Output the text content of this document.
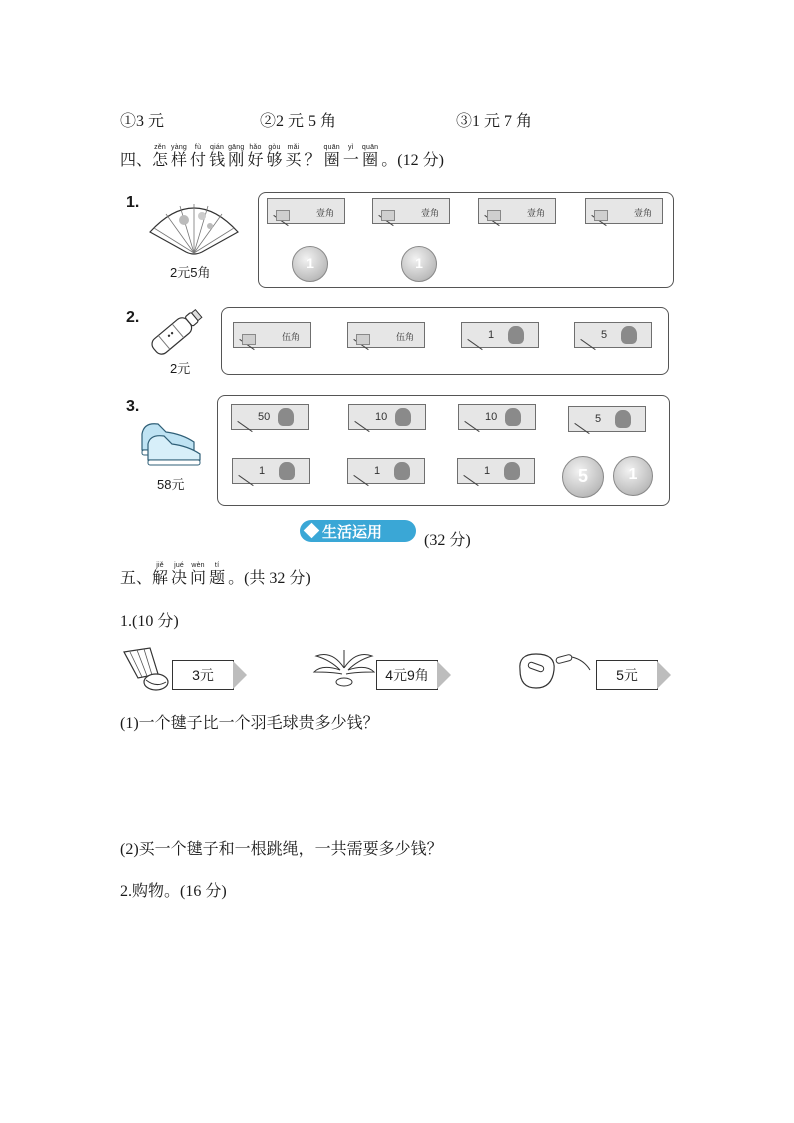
①3 元	②2 元 5 角	③1 元 7 角
四、
zěn
怎
yàng
样
fù
付
qián
钱
gāng
刚
hǎo
好
gòu
够
mǎi
买 ？
quān
圈
yì
一
quān
圈 。(12 分)
1.
2元5角
壹角	壹角	壹角	壹角
1	1
2.
2元
伍角	伍角	1	5
3.
58元
50	10	10	5
1	1	1	5	1
生活运用	(32 分)
五、
jiě
解
jué
决
wèn
问
tí
题 。(共 32 分)
1.(10 分)
3元	4元9角	5元
(1)一个毽子比一个羽毛球贵多少钱？
(2)买一个毽子和一根跳绳，一共需要多少钱？
2.购物。(16 分)
